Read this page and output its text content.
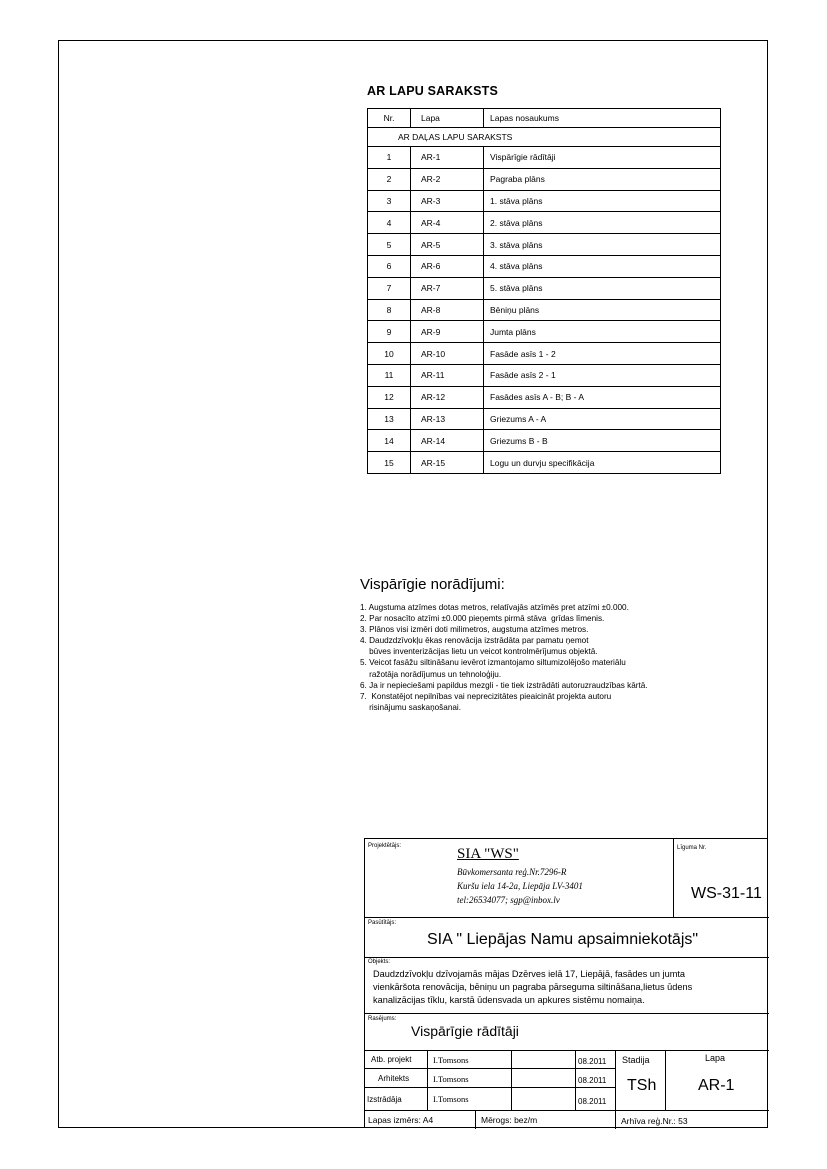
AR LAPU SARAKSTS
Nr.	Lapa	Lapas nosaukums
AR DAĻAS LAPU SARAKSTS		
1	AR-1	Vispārīgie rādītāji
2	AR-2	Pagraba plāns
3	AR-3	1. stāva plāns
4	AR-4	2. stāva plāns
5	AR-5	3. stāva plāns
6	AR-6	4. stāva plāns
7	AR-7	5. stāva plāns
8	AR-8	Bēniņu plāns
9	AR-9	Jumta plāns
10	AR-10	Fasāde asīs 1 - 2
11	AR-11	Fasāde asīs 2 - 1
12	AR-12	Fasādes asīs A - B; B - A
13	AR-13	Griezums A - A
14	AR-14	Griezums B - B
15	AR-15	Logu un durvju specifikācija
Vispārīgie norādījumi:
1. Augstuma atzīmes dotas metros, relatīvajās atzīmēs pret atzīmi ±0.000.
2. Par nosacīto atzīmi ±0.000 pieņemts pirmā stāva  grīdas līmenis.
3. Plānos visi izmēri doti milimetros, augstuma atzīmes metros.
4. Daudzdzīvokļu ēkas renovācija izstrādāta par pamatu ņemot
būves inventerizācijas lietu un veicot kontrolmērījumus objektā.
5. Veicot fasāžu siltināšanu ievērot izmantojamo siltumizolējošo materiālu
ražotāja norādījumus un tehnoloģiju.
6. Ja ir nepieciešami papildus mezgli - tie tiek izstrādāti autoruzraudzības kārtā.
7.  Konstatējot nepilnības vai neprecizitātes pieaicināt projekta autoru
risinājumu saskaņošanai.
Projektētājs:	SIA "WS"
Būvkomersanta reģ.Nr.7296-R
Kuršu iela 14-2a, Liepāja LV-3401
tel:26534077; sgp@inbox.lv
Līguma Nr.
WS-31-11
Pasūtītājs:
SIA " Liepājas Namu apsaimniekotājs"
Objekts:
Daudzdzīvokļu dzīvojamās mājas Dzērves ielā 17, Liepājā, fasādes un jumta
vienkāršota renovācija, bēniņu un pagraba pārseguma siltināšana,lietus ūdens
kanalizācijas tīklu, karstā ūdensvada un apkures sistēmu nomaiņa.
Rasējums:
Vispārīgie rādītāji
Atb. projekt	I.Tomsons	08.2011
Arhitekts	I.Tomsons	08.2011
Izstrādāja	I.Tomsons	08.2011
Stadija
TSh
Lapa
AR-1
Lapas izmērs: A4	Mērogs: bez/m	Arhīva reģ.Nr.: 53
